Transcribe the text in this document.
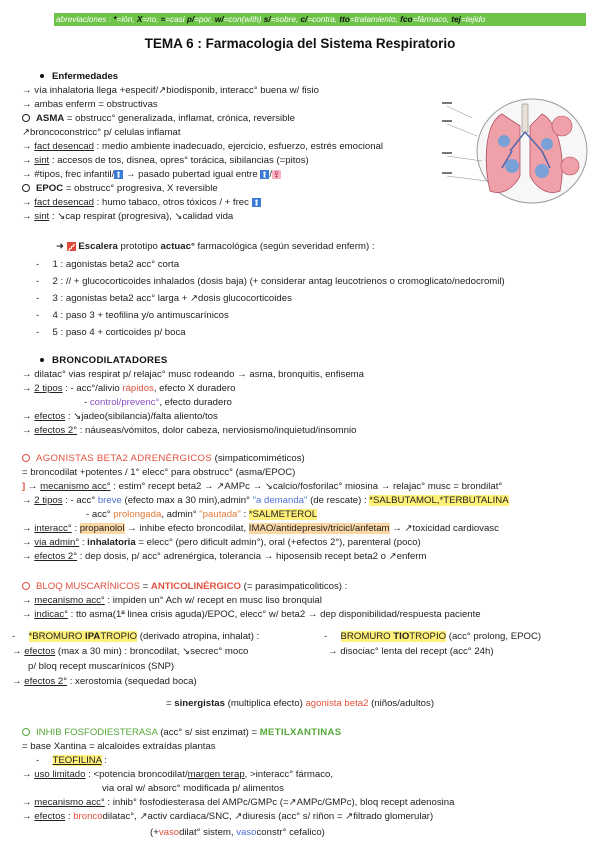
abreviaciones : *=ión, X=no, ≈=casi p/=por, w/=con(with) s/=sobre, c/=contra, tto=tratamiento, fco=fármaco, tej=tejido
TEMA 6 : Farmacologia del Sistema Respiratorio
Enfermedades
→ vía inhalatoria llega +especif/↗biodisponib, interacc° buena w/ fisio
→ ambas enferm = obstructivas
ASMA = obstrucc° generalizada, inflamat, crónica, reversible
↗broncoconstricc° p/ celulas inflamat
→ fact desencad : medio ambiente inadecuado, ejercicio, esfuerzo, estrés emocional
→ sint : accesos de tos, disnea, opres° torácica, sibilancias (=pitos)
→ #tipos, frec infantil/ → pasado pubertad igual entre /
EPOC = obstrucc° progresiva, X reversible
→ fact desencad : humo tabaco, otros tóxicos / + frec
→ sint : ↘cap respirat (progresiva), ↘calidad vida
➜  Escalera prototipo actuac° farmacológica (según severidad enferm) :
- 1 : agonistas beta2 acc° corta
- 2 : // + glucocorticoides inhalados (dosis baja) (+ considerar antag leucotrienos o cromoglicato/nedocromil)
- 3 : agonistas beta2 acc° larga + ↗dosis glucocorticoides
- 4 : paso 3 + teofilina y/o antimuscarínicos
- 5 : paso 4 + corticoides p/ boca
BRONCODILATADORES
→ dilatac° vias respirat p/ relajac° musc rodeando → asma, bronquitis, enfisema
→ 2 tipos : - acc°/alivio rápidos, efecto X duradero
- control/prevenc°, efecto duradero
→ efectos : ↘jadeo(sibilancia)/falta aliento/tos
→ efectos 2° : náuseas/vómitos, dolor cabeza, nerviosismo/inquietud/insomnio
AGONISTAS BETA2 ADRENÉRGICOS (simpaticomiméticos)
= broncodilat +potentes / 1° elecc° para obstrucc° (asma/EPOC)
] → mecanismo acc° : estim° recept beta2 → ↗AMPc → ↘calcio/fosforilac° miosina → relajac° musc = brondilat°
→ 2 tipos : - acc° breve (efecto max a 30 min),admin° "a demanda" (de rescate) : *SALBUTAMOL,*TERBUTALINA
- acc° prolongada, admin° "pautada" : *SALMETEROL
→ interacc° : propanolol → inhibe efecto broncodilat, IMAO/antidepresiv/tricicl/anfetam → ↗toxicidad cardiovasc
→ via admin° : inhalatoria = elecc° (pero dificult admin°), oral (+efectos 2°), parenteral (poco)
→ efectos 2° : dep dosis, p/ acc° adrenérgica, tolerancia → hiposensib recept beta2 o ↗enferm
BLOQ MUSCARÍNICOS = ANTICOLINÉRGICO (= parasimpaticoliticos) :
→ mecanismo acc° : impiden un° Ach w/ recept en musc liso bronquial
→ indicac° : tto asma(1ª linea crisis aguda)/EPOC, elecc° w/ beta2 → dep disponibilidad/respuesta paciente
-     *BROMURO IPATROPIO (derivado atropina, inhalat) :	-     BROMURO TIOTROPIO (acc° prolong, EPOC)
→ efectos (max a 30 min) : broncodilat, ↘secrec° moco	→ disociac° lenta del recept (acc° 24h)
p/ bloq recept muscarínicos (SNP)
→ efectos 2° : xerostomia (sequedad boca)
= sinergistas (multiplica efecto) agonista beta2 (niños/adultos)
INHIB FOSFODIESTERASA (acc° s/ sist enzimat) = METILXANTINAS
= base Xantina = alcaloides extraídas plantas
-     TEOFILINA :
→ uso limitado : <potencia broncodilat/margen terap, >interacc° fármaco,
via oral w/ absorc° modificada p/ alimentos
→ mecanismo acc° : inhib° fosfodiesterasa del AMPc/GMPc (=↗AMPc/GMPc), bloq recept adenosina
→ efectos : broncodilatac°, ↗activ cardiaca/SNC, ↗diuresis (acc° s/ riñon = ↗filtrado glomerular)
(+vasodilat° sistem, vasoconstr° cefalico)
